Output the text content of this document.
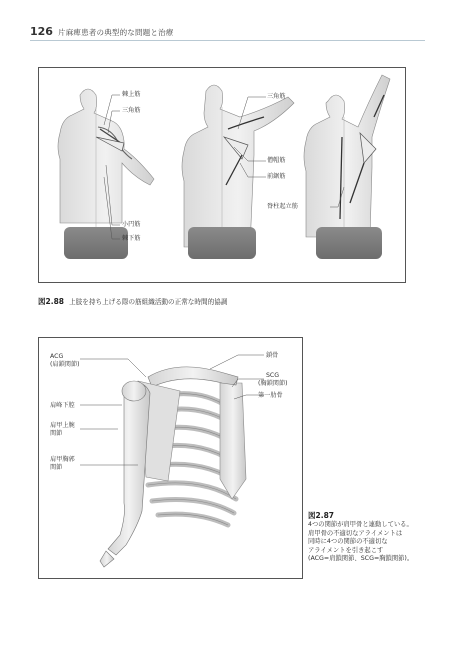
126 片麻痺患者の典型的な問題と治療
棘上筋
三角筋
小円筋
棘下筋
三角筋
僧帽筋
前鋸筋
脊柱起立筋
図2.88 上肢を持ち上げる際の筋組織活動の正常な時間的協調
ACG
(肩鎖関節)
肩峰下腔
肩甲上腕
関節
肩甲胸郭
関節
鎖骨
SCG
(胸鎖関節)
第一肋骨
図2.87
4つの関節が肩甲骨と連動している。
肩甲骨の不適切なアライメントは
同時に4つの関節の不適切な
アライメントを引き起こす
(ACG=肩鎖関節、SCG=胸鎖関節)。
